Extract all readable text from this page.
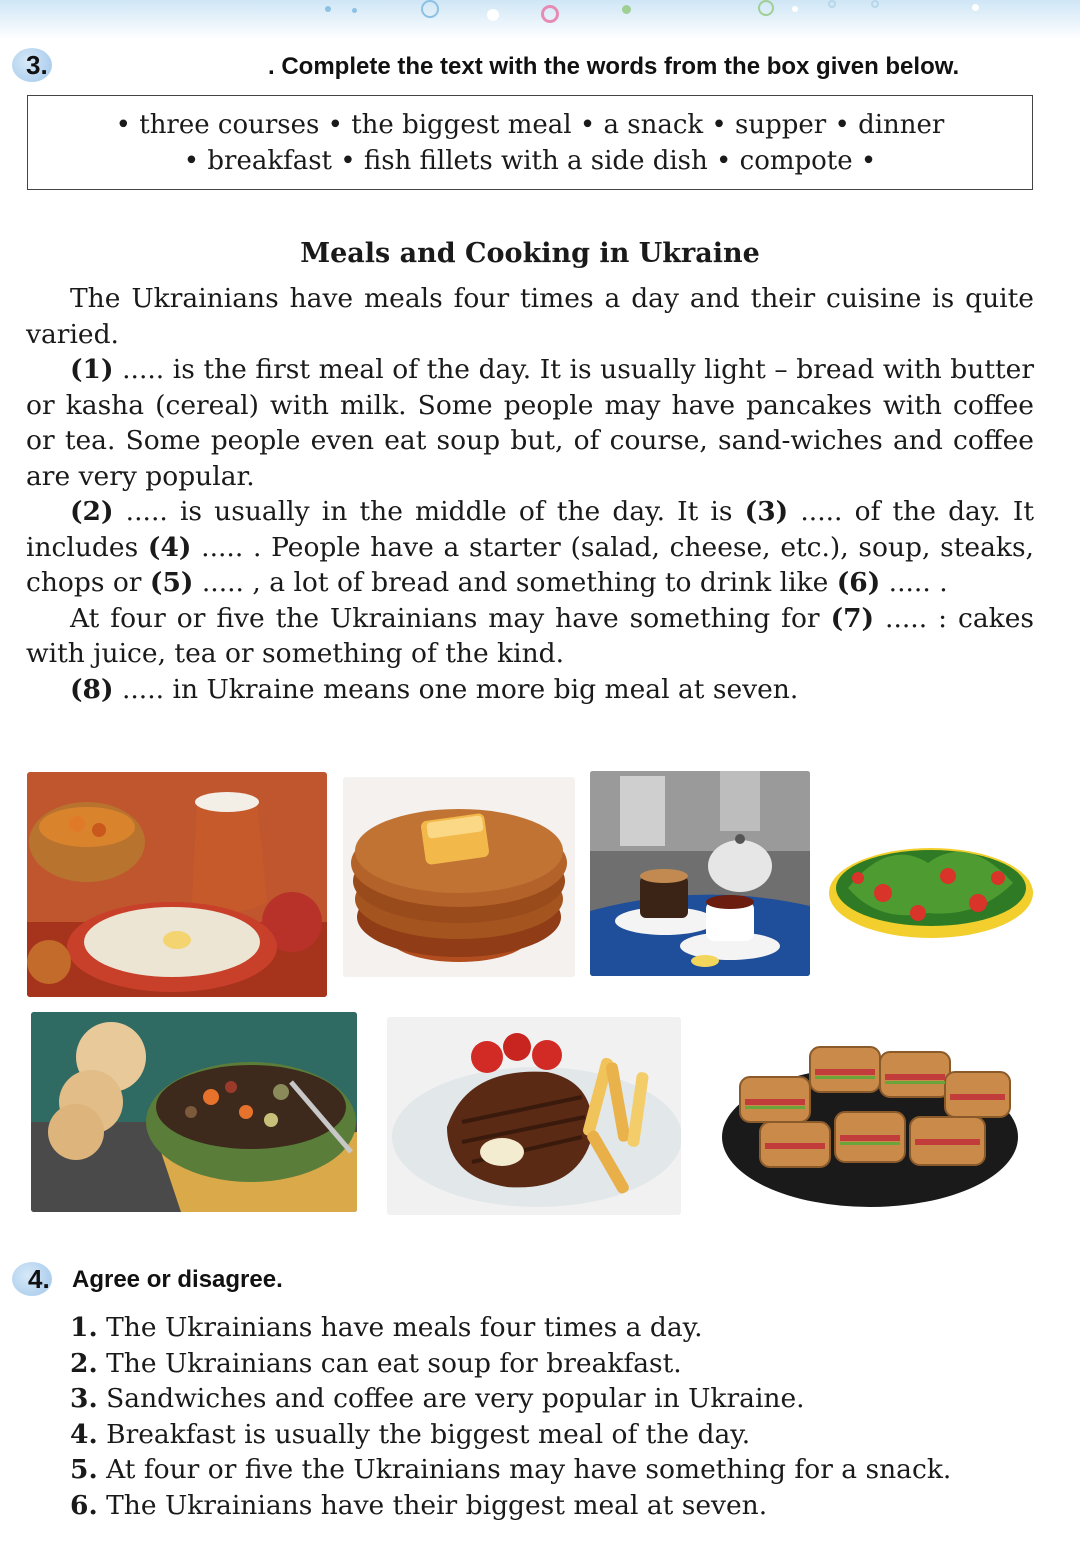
3.	. Complete the text with the words from the box given below.
• three courses • the biggest meal • a snack • supper • dinner
• breakfast • fish fillets with a side dish • compote •
Meals and Cooking in Ukraine

The Ukrainians have meals four times a day and their cuisine is quite varied.

(1) ..... is the first meal of the day. It is usually light – bread with butter or kasha (cereal) with milk. Some people may have pancakes with coffee or tea. Some people even eat soup but, of course, sand-wiches and coffee are very popular.

(2) ..... is usually in the middle of the day. It is (3) ..... of the day. It includes (4) ..... . People have a starter (salad, cheese, etc.), soup, steaks, chops or (5) ..... , a lot of bread and something to drink like (6) ..... .

At four or five the Ukrainians may have something for (7) ..... : cakes with juice, tea or something of the kind.

(8) ..... in Ukraine means one more big meal at seven.

4. Agree or disagree.
1. The Ukrainians have meals four times a day.
2. The Ukrainians can eat soup for breakfast.
3. Sandwiches and coffee are very popular in Ukraine.
4. Breakfast is usually the biggest meal of the day.
5. At four or five the Ukrainians may have something for a snack.
6. The Ukrainians have their biggest meal at seven.
